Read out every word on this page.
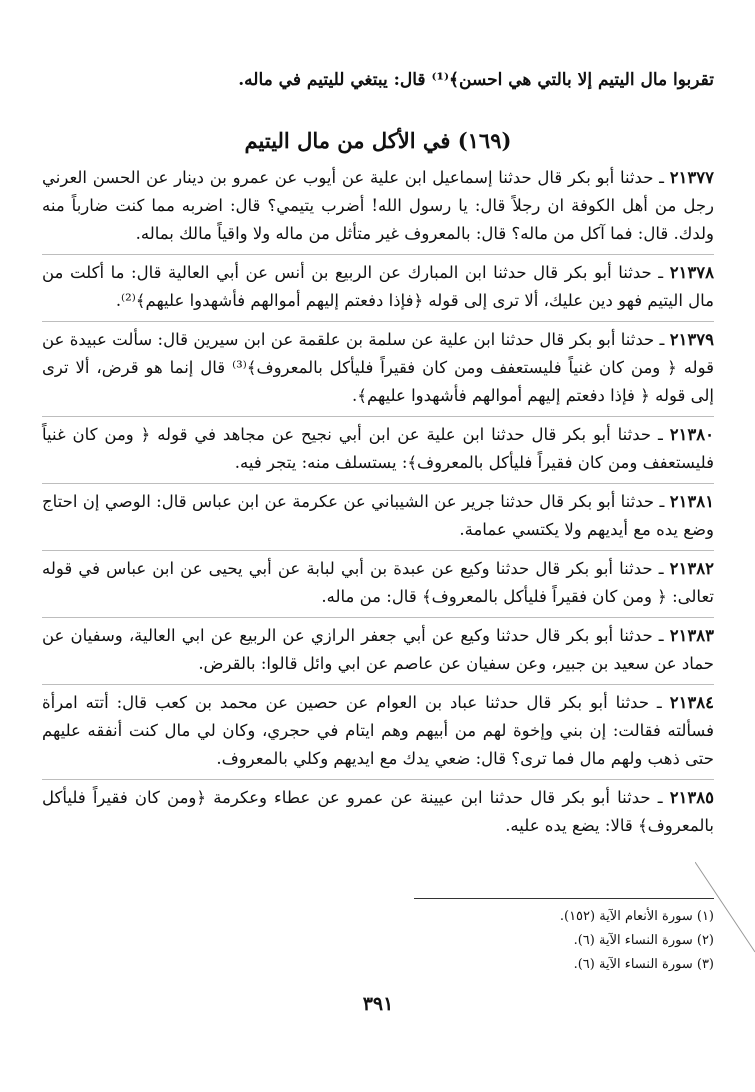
تقربوا مال اليتيم إلا بالتي هي احسن﴾⁽¹⁾ قال: يبتغي لليتيم في ماله.

(١٦٩) في الأكل من مال اليتيم

٢١٣٧٧ ـ حدثنا أبو بكر قال حدثنا إسماعيل ابن علية عن أيوب عن عمرو بن دينار عن الحسن العرني رجل من أهل الكوفة ان رجلاً قال: يا رسول الله! أضرب يتيمي؟ قال: اضربه مما كنت ضارباً منه ولدك. قال: فما آكل من ماله؟ قال: بالمعروف غير متأثل من ماله ولا واقياً مالك بماله.

٢١٣٧٨ ـ حدثنا أبو بكر قال حدثنا ابن المبارك عن الربيع بن أنس عن أبي العالية قال: ما أكلت من مال اليتيم فهو دين عليك، ألا ترى إلى قوله ﴿فإذا دفعتم إليهم أموالهم فأشهدوا عليهم﴾⁽²⁾.

٢١٣٧٩ ـ حدثنا أبو بكر قال حدثنا ابن علية عن سلمة بن علقمة عن ابن سيرين قال: سألت عبيدة عن قوله ﴿ ومن كان غنياً فليستعفف ومن كان فقيراً فليأكل بالمعروف﴾⁽³⁾ قال إنما هو قرض، ألا ترى إلى قوله ﴿ فإذا دفعتم إليهم أموالهم فأشهدوا عليهم﴾.

٢١٣٨٠ ـ حدثنا أبو بكر قال حدثنا ابن علية عن ابن أبي نجيح عن مجاهد في قوله ﴿ ومن كان غنياً فليستعفف ومن كان فقيراً فليأكل بالمعروف﴾: يستسلف منه: يتجر فيه.

٢١٣٨١ ـ حدثنا أبو بكر قال حدثنا جرير عن الشيباني عن عكرمة عن ابن عباس قال: الوصي إن احتاج وضع يده مع أيديهم ولا يكتسي عمامة.

٢١٣٨٢ ـ حدثنا أبو بكر قال حدثنا وكيع عن عبدة بن أبي لبابة عن أبي يحيى عن ابن عباس في قوله تعالى: ﴿ ومن كان فقيراً فليأكل بالمعروف﴾ قال: من ماله.

٢١٣٨٣ ـ حدثنا أبو بكر قال حدثنا وكيع عن أبي جعفر الرازي عن الربيع عن ابي العالية، وسفيان عن حماد عن سعيد بن جبير، وعن سفيان عن عاصم عن ابي وائل قالوا: بالقرض.

٢١٣٨٤ ـ حدثنا أبو بكر قال حدثنا عباد بن العوام عن حصين عن محمد بن كعب قال: أتته امرأة فسألته فقالت: إن بني وإخوة لهم من أبيهم وهم ايتام في حجري، وكان لي مال كنت أنفقه عليهم حتى ذهب ولهم مال فما ترى؟ قال: ضعي يدك مع ايديهم وكلي بالمعروف.

٢١٣٨٥ ـ حدثنا أبو بكر قال حدثنا ابن عيينة عن عمرو عن عطاء وعكرمة ﴿ومن كان فقيراً فليأكل بالمعروف﴾ قالا: يضع يده عليه.

(١) سورة الأنعام الآية (١٥٢).
(٢) سورة النساء الآية (٦).
(٣) سورة النساء الآية (٦).
٣٩١
